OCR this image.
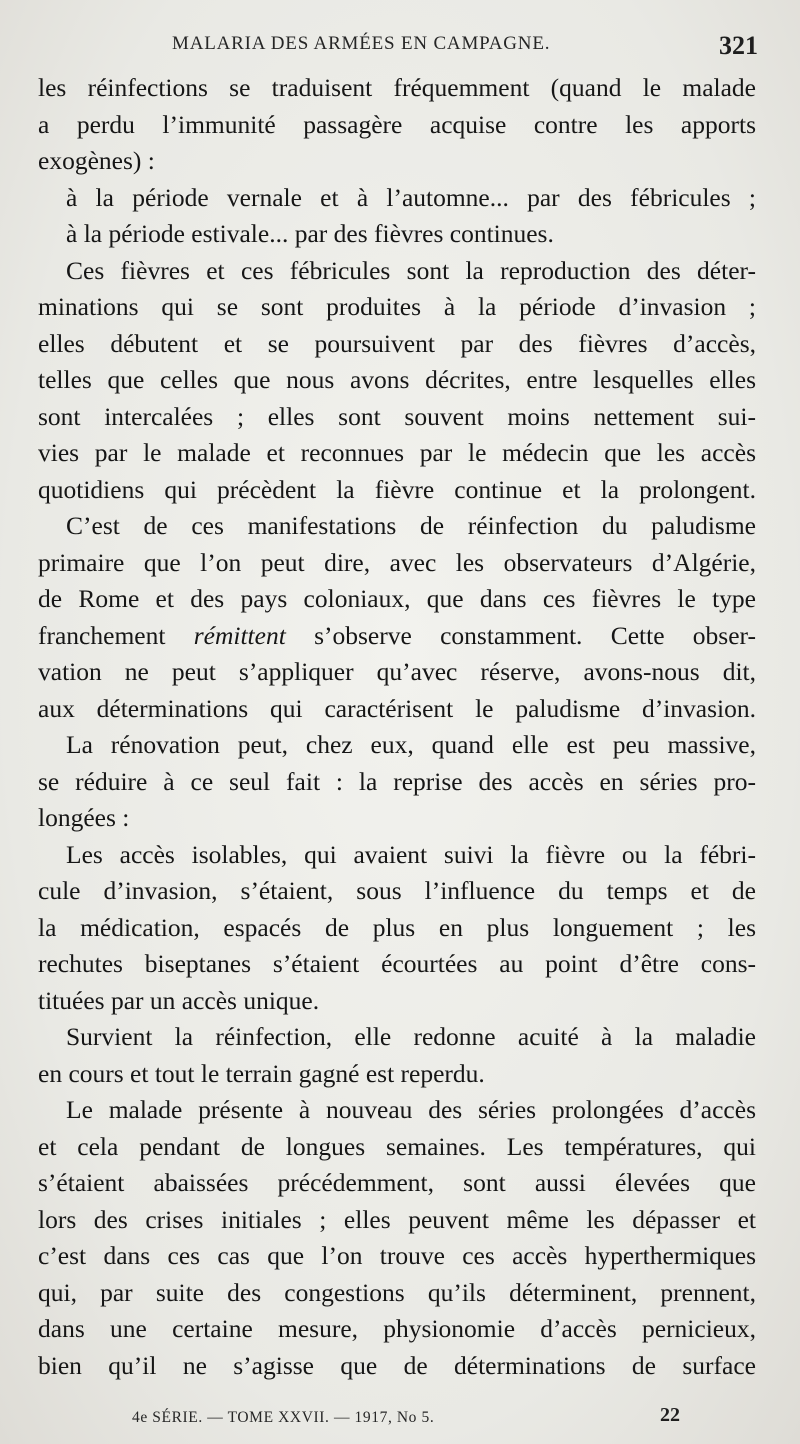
MALARIA DES ARMÉES EN CAMPAGNE.	321
les réinfections se traduisent fréquemment (quand le malade
a perdu l’immunité passagère acquise contre les apports
exogènes) :
à la période vernale et à l’automne... par des fébricules ;
à la période estivale... par des fièvres continues.
Ces fièvres et ces fébricules sont la reproduction des déter-
minations qui se sont produites à la période d’invasion ;
elles débutent et se poursuivent par des fièvres d’accès,
telles que celles que nous avons décrites, entre lesquelles elles
sont intercalées ; elles sont souvent moins nettement sui-
vies par le malade et reconnues par le médecin que les accès
quotidiens qui précèdent la fièvre continue et la prolongent.
C’est de ces manifestations de réinfection du paludisme
primaire que l’on peut dire, avec les observateurs d’Algérie,
de Rome et des pays coloniaux, que dans ces fièvres le type
franchement rémittent s’observe constamment. Cette obser-
vation ne peut s’appliquer qu’avec réserve, avons-nous dit,
aux déterminations qui caractérisent le paludisme d’invasion.
La rénovation peut, chez eux, quand elle est peu massive,
se réduire à ce seul fait : la reprise des accès en séries pro-
longées :
Les accès isolables, qui avaient suivi la fièvre ou la fébri-
cule d’invasion, s’étaient, sous l’influence du temps et de
la médication, espacés de plus en plus longuement ; les
rechutes biseptanes s’étaient écourtées au point d’être cons-
tituées par un accès unique.
Survient la réinfection, elle redonne acuité à la maladie
en cours et tout le terrain gagné est reperdu.
Le malade présente à nouveau des séries prolongées d’accès
et cela pendant de longues semaines. Les températures, qui
s’étaient abaissées précédemment, sont aussi élevées que
lors des crises initiales ; elles peuvent même les dépasser et
c’est dans ces cas que l’on trouve ces accès hyperthermiques
qui, par suite des congestions qu’ils déterminent, prennent,
dans une certaine mesure, physionomie d’accès pernicieux,
bien qu’il ne s’agisse que de déterminations de surface
4e SÉRIE. — TOME XXVII. — 1917, No 5.	22
